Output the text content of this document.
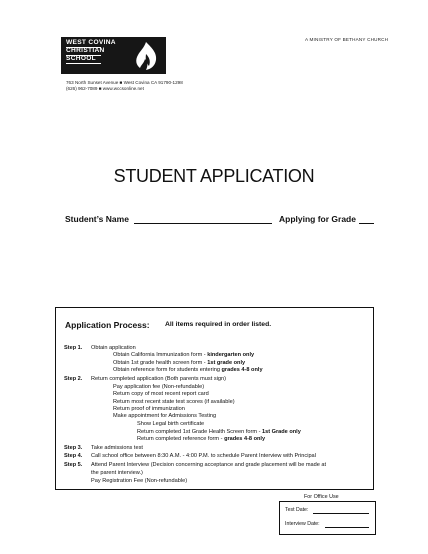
A MINISTRY OF BETHANY CHURCH
WEST COVINA
CHRISTIAN
SCHOOL
763 North Sunset Avenue ■ West Covina CA 91790-1298
(626) 962-7089 ■ www.wccsonline.net
STUDENT APPLICATION
Student’s Name	Applying for Grade
Application Process: All items required in order listed.
Step 1. Obtain application
Obtain California Immunization form - kindergarten only
Obtain 1st grade health screen form - 1st grade only
Obtain reference form for students entering grades 4-8 only
Step 2. Return completed application (Both parents must sign)
Pay application fee (Non-refundable)
Return copy of most recent report card
Return most recent state test scores (if available)
Return proof of immunization
Make appointment for Admissions Testing
Show Legal birth certificate
Return completed 1st Grade Health Screen form - 1st Grade only
Return completed reference form - grades 4-8 only
Step 3. Take admissions test
Step 4. Call school office between 8:30 A.M. - 4:00 P.M. to schedule Parent Interview with Principal
Step 5. Attend Parent Interview (Decision concerning acceptance and grade placement will be made at
the parent interview.)
Pay Registration Fee (Non-refundable)
For Office Use
Test Date:
Interview Date:
